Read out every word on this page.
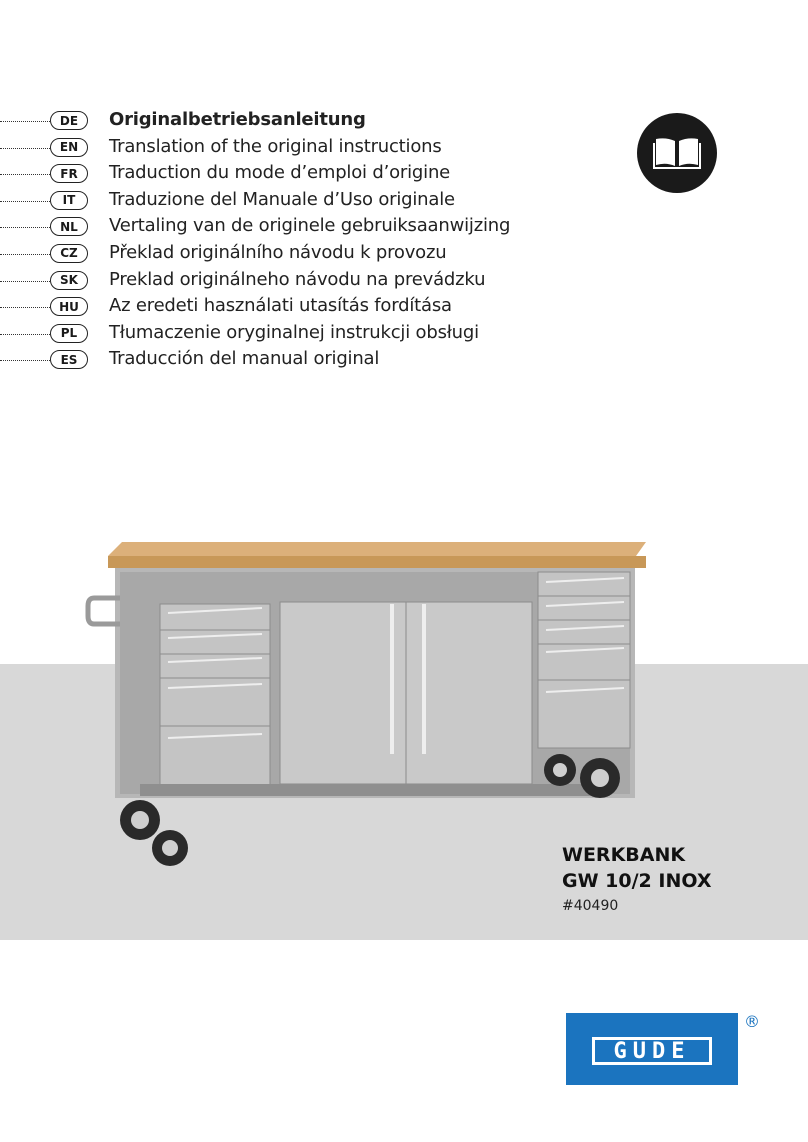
DE	Originalbetriebsanleitung
EN	Translation of the original instructions
FR	Traduction du mode d’emploi d’origine
IT	Traduzione del Manuale d’Uso originale
NL	Vertaling van de originele gebruiksaanwijzing
CZ	Překlad originálního návodu k provozu
SK	Preklad originálneho návodu na prevádzku
HU	Az eredeti használati utasítás fordítása
PL	Tłumaczenie oryginalnej instrukcji obsługi
ES	Traducción del manual original
WERKBANK
GW 10/2 INOX
#40490
GÜDE
®
